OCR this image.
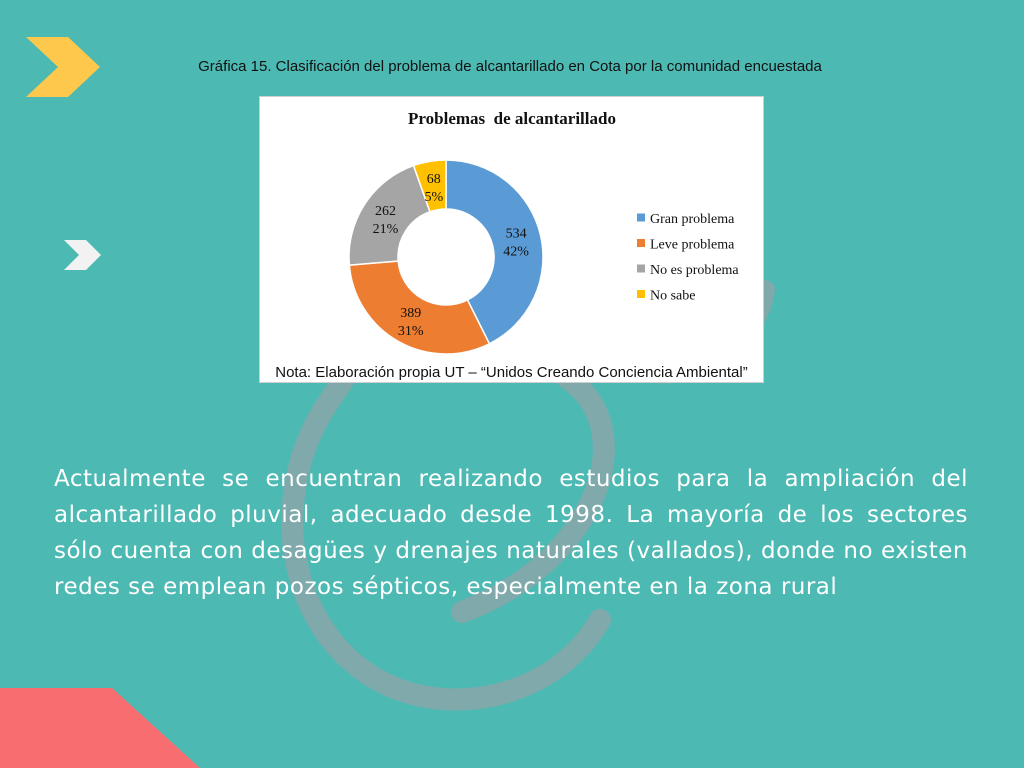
Gráfica 15. Clasificación del problema de alcantarillado en Cota por la comunidad encuestada

Problemas  de alcantarillado
534
42%
389
31%
262
21%
68
5%
Gran problema
Leve problema
No es problema
No sabe
Nota: Elaboración propia UT – “Unidos Creando Conciencia Ambiental”

Actualmente se encuentran realizando estudios para la ampliación del alcantarillado pluvial, adecuado desde 1998. La mayoría de los sectores sólo cuenta con desagües y drenajes naturales (vallados), donde no existen redes se emplean pozos sépticos, especialmente en la zona rural
